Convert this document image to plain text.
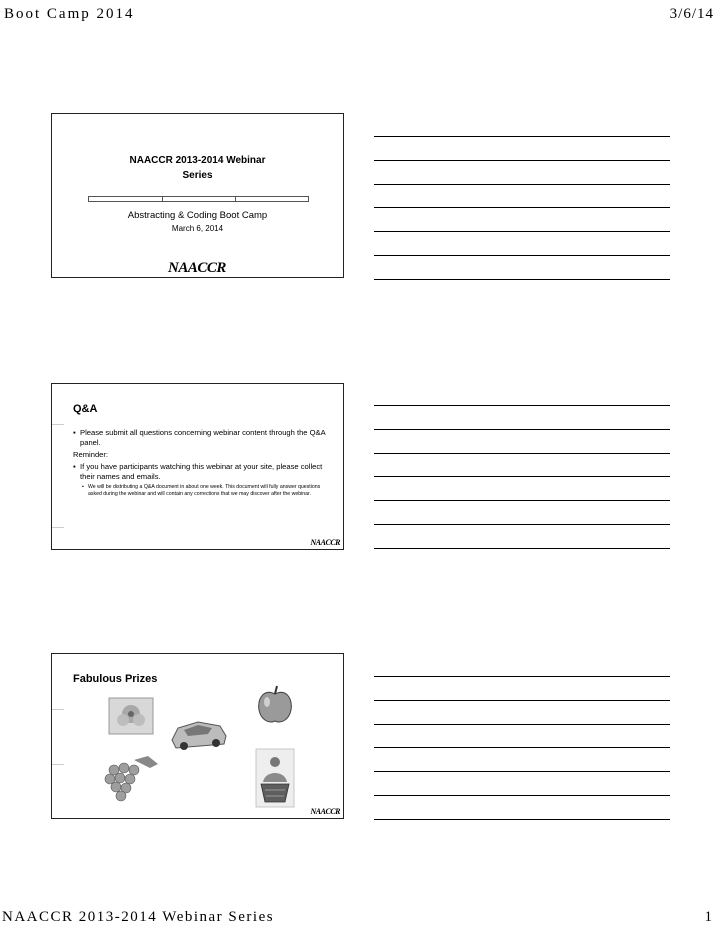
Boot Camp 2014	3/6/14
NAACCR 2013-2014 Webinar
Series
Abstracting & Coding Boot Camp
March 6, 2014
NAACCR
Q&A
▪ Please submit all questions concerning webinar content through the Q&A panel.
Reminder:
▪ If you have participants watching this webinar at your site, please collect their names and emails.
▪ We will be distributing a Q&A document in about one week. This document will fully answer questions asked during the webinar and will contain any corrections that we may discover after the webinar.
NAACCR
Fabulous Prizes
NAACCR
NAACCR 2013-2014 Webinar Series	1
